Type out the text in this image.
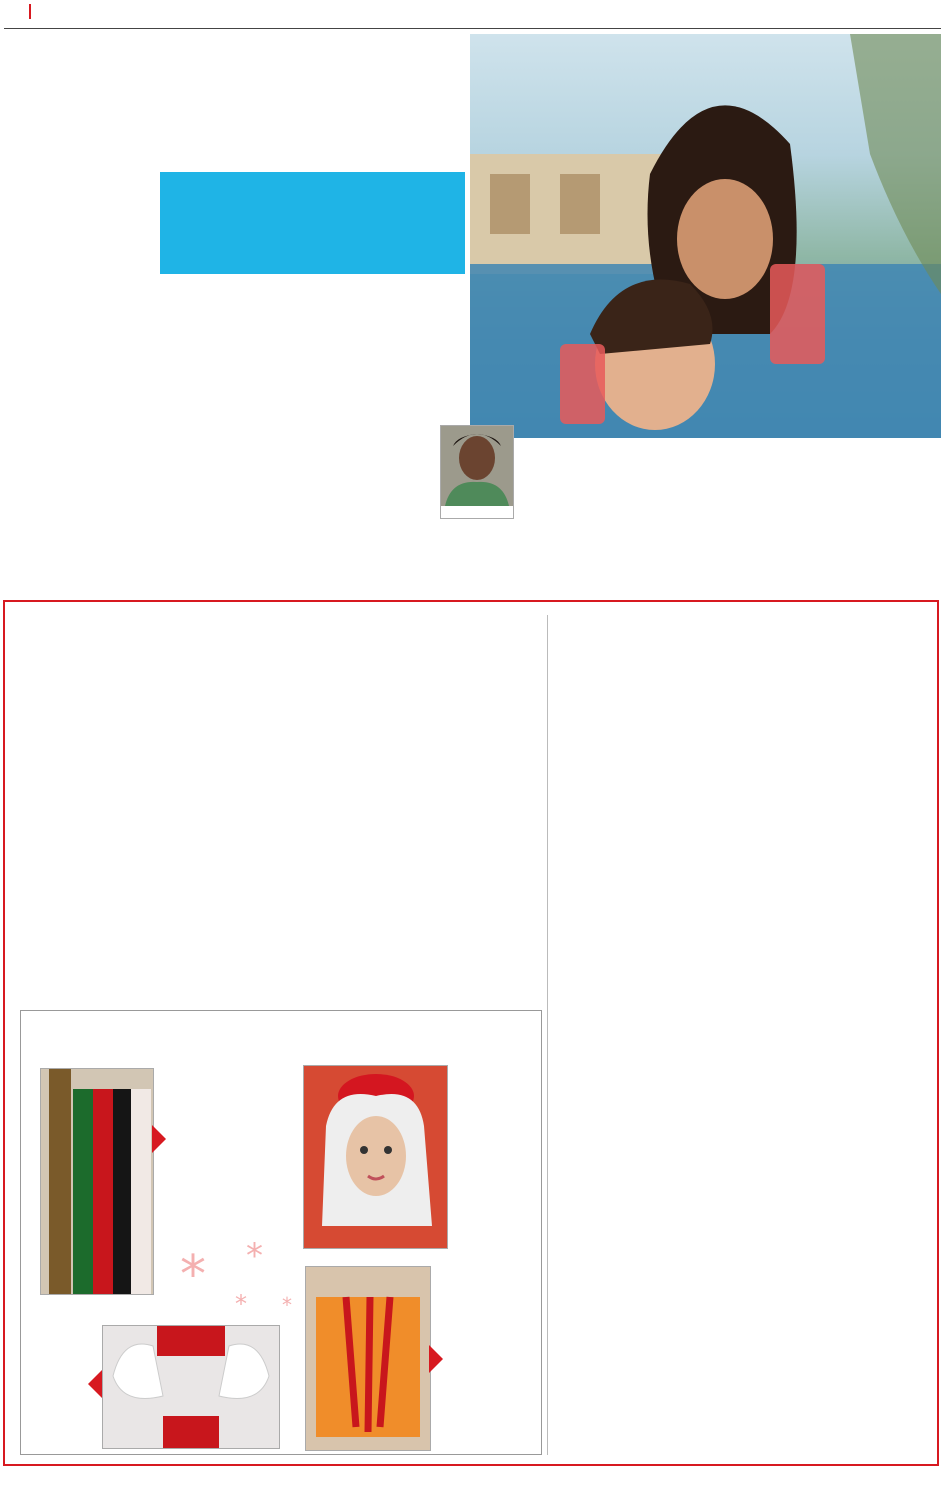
* *
* *
